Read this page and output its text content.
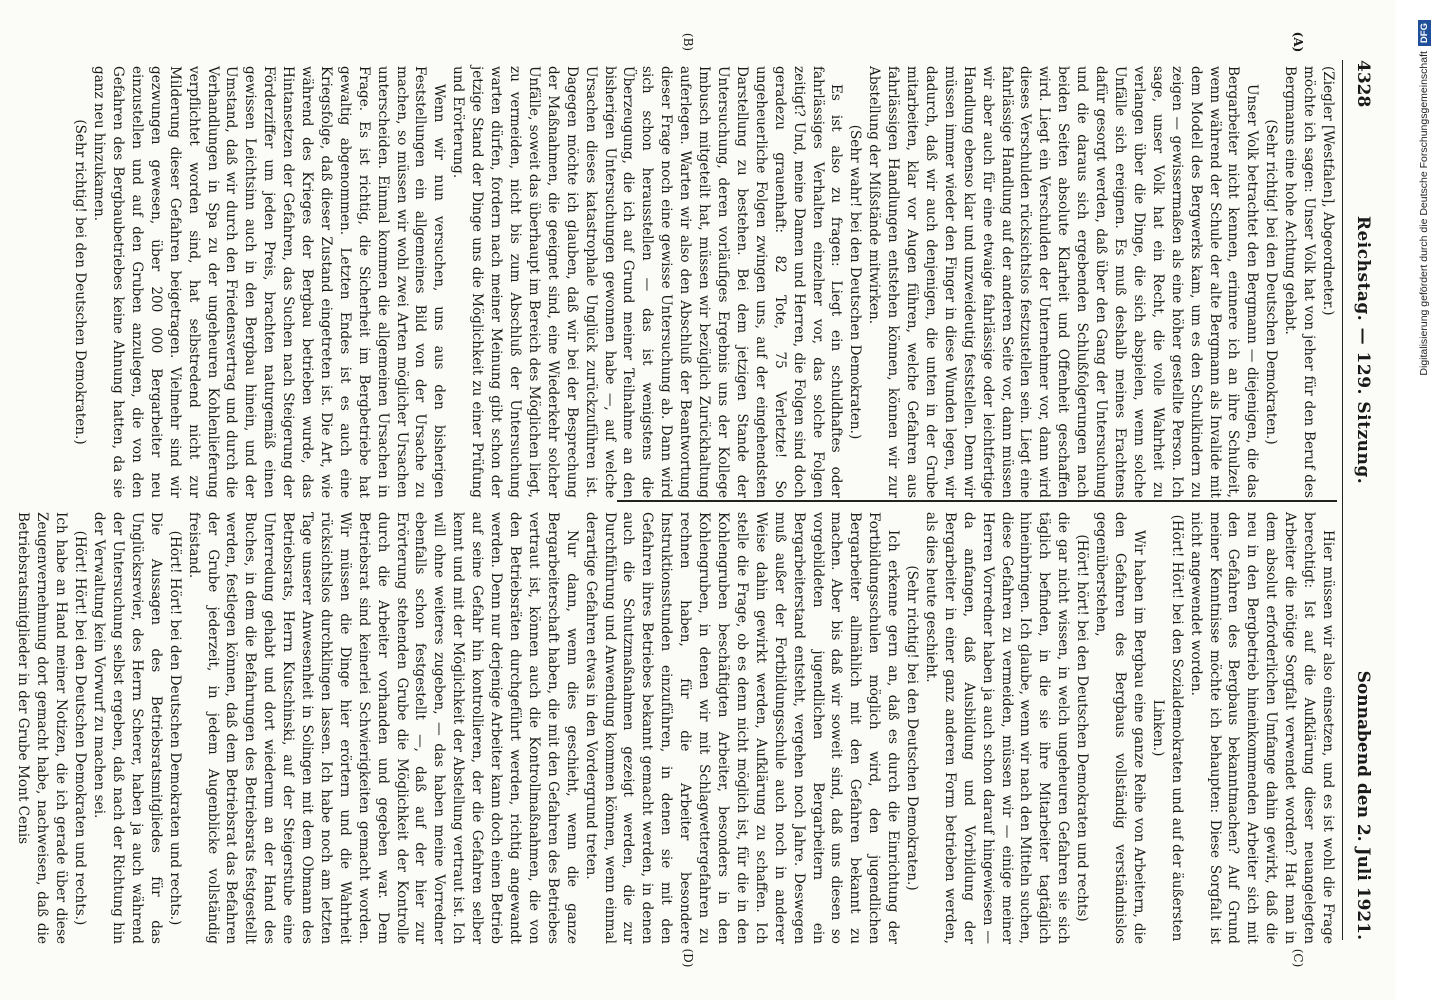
4328
Reichstag. — 129. Sitzung.
Sonnabend den 2. Juli 1921.
(A)
(B)
(C)
(D)

(Ziegler [Westfalen], Abgeordneter.)

möchte ich sagen: Unser Volk hat von jeher für den Beruf des Bergmanns eine hohe Achtung gehabt.

(Sehr richtig! bei den Deutschen Demokraten.)

Unser Volk betrachtet den Bergmann — diejenigen, die das Bergarbeiter nicht kennen, erinnere ich an ihre Schulzeit, wenn während der Schule der alte Bergmann als Invalide mit dem Modell des Bergwerks kam, um es den Schulkindern zu zeigen — gewissermaßen als eine höher gestellte Person. Ich sage, unser Volk hat ein Recht, die volle Wahrheit zu verlangen über die Dinge, die sich abspielen, wenn solche Unfälle sich ereignen. Es muß deshalb meines Erachtens dafür gesorgt werden, daß über den Gang der Untersuchung und die daraus sich ergebenden Schlußfolgerungen nach beiden Seiten absolute Klarheit und Offenheit geschaffen wird. Liegt ein Verschulden der Unternehmer vor, dann wird dieses Verschulden rücksichtslos festzustellen sein. Liegt eine fahrlässige Handlung auf der anderen Seite vor, dann müssen wir aber auch für eine etwaige fahrlässige oder leichtfertige Handlung ebenso klar und unzweideutig feststellen. Denn wir müssen immer wieder den Finger in diese Wunden legen, wir dadurch, daß wir auch denjenigen, die unten in der Grube mitarbeiten, klar vor Augen führen, welche Gefahren aus fahrlässigen Handlungen entstehen können, können wir zur Abstellung der Mißstände mitwirken.

(Sehr wahr! bei den Deutschen Demokraten.)

Es ist also zu fragen: Liegt ein schuldhaftes oder fahrlässiges Verhalten einzelner vor, das solche Folgen zeitigt? Und, meine Damen und Herren, die Folgen sind doch geradezu grauenhaft: 82 Tote, 75 Verletzte! So ungeheuerliche Folgen zwingen uns, auf der eingehendsten Darstellung zu bestehen. Bei dem jetzigen Stande der Untersuchung, deren vorläufiges Ergebnis uns der Kollege Imbusch mitgeteilt hat, müssen wir bezüglich Zurückhaltung auferlegen. Warten wir also den Abschluß der Beantwortung dieser Frage noch eine gewisse Untersuchung ab. Dann wird sich schon herausstellen — das ist wenigstens die Überzeugung, die ich auf Grund meiner Teilnahme an den bisherigen Untersuchungen gewonnen habe —, auf welche Ursachen dieses katastrophale Unglück zurückzuführen ist. Dagegen möchte ich glauben, daß wir bei der Besprechung der Maßnahmen, die geeignet sind, eine Wiederkehr solcher Unfälle, soweit das überhaupt im Bereich des Möglichen liegt, zu vermeiden, nicht bis zum Abschluß der Untersuchung warten dürfen, fordern nach meiner Meinung gibt schon der jetzige Stand der Dinge uns die Möglichkeit zu einer Prüfung und Erörterung.

Wenn wir nun versuchen, uns aus den bisherigen Feststellungen ein allgemeines Bild von der Ursache zu machen, so müssen wir wohl zwei Arten möglicher Ursachen unterscheiden. Einmal kommen die allgemeinen Ursachen in Frage. Es ist richtig, die Sicherheit im Bergbetriebe hat gewaltig abgenommen. Letzten Endes ist es auch eine Kriegsfolge, daß dieser Zustand eingetreten ist. Die Art, wie während des Krieges der Bergbau betrieben wurde, das Hintansetzen der Gefahren, das Suchen nach Steigerung der Förderziffer um jeden Preis, brachten naturgemäß einen gewissen Leichtsinn auch in den Bergbau hinein, und der Umstand, daß wir durch den Friedensvertrag und durch die Verhandlungen in Spa zu der ungeheuren Kohlenlieferung verpflichtet worden sind, hat selbstredend nicht zur Milderung dieser Gefahren beigetragen. Vielmehr sind wir gezwungen gewesen, über 200 000 Bergarbeiter neu einzustellen und auf den Gruben anzulegen, die von den Gefahren des Bergbaubetriebes keine Ahnung hatten, da sie ganz neu hinzukamen.

(Sehr richtig! bei den Deutschen Demokraten.)

Hier müssen wir also einsetzen, und es ist wohl die Frage berechtigt: Ist auf die Aufklärung dieser neuangelegten Arbeiter die nötige Sorgfalt verwendet worden? Hat man in dem absolut erforderlichen Umfange dahin gewirkt, daß die neu in den Bergbetrieb hineinkommenden Arbeiter sich mit den Gefahren des Bergbaus bekanntmachen? Auf Grund meiner Kenntnisse möchte ich behaupten: Diese Sorgfalt ist nicht angewendet worden.

(Hört! Hört! bei den Sozialdemokraten und auf der äußersten Linken.)

Wir haben im Bergbau eine ganze Reihe von Arbeitern, die den Gefahren des Bergbaus vollständig verständnislos gegenüberstehen,

(Hört! hört! bei den Deutschen Demokraten und rechts)

die gar nicht wissen, in welch ungeheuren Gefahren sie sich täglich befinden, in die sie ihre Mitarbeiter tagtäglich hineinbringen. Ich glaube, wenn wir nach den Mitteln suchen, diese Gefahren zu vermeiden, müssen wir — einige meiner Herren Vorredner haben ja auch schon darauf hingewiesen — da anfangen, daß Ausbildung und Vorbildung der Bergarbeiter in einer ganz anderen Form betrieben werden, als dies heute geschieht.

(Sehr richtig! bei den Deutschen Demokraten.)

Ich erkenne gern an, daß es durch die Einrichtung der Fortbildungsschulen möglich wird, den jugendlichen Bergarbeiter allmählich mit den Gefahren bekannt zu machen. Aber bis daß wir soweit sind, daß uns diesen so vorgebildeten jugendlichen Bergarbeitern ein Bergarbeiterstand entsteht, vergehen noch Jahre. Deswegen muß außer der Fortbildungsschule auch noch in anderer Weise dahin gewirkt werden, Aufklärung zu schaffen. Ich stelle die Frage, ob es denn nicht möglich ist, für die in den Kohlengruben beschäftigten Arbeiter, besonders in den Kohlengruben, in denen wir mit Schlagwettergefahren zu rechnen haben, für die Arbeiter besondere Instruktionsstunden einzuführen, in denen sie mit den Gefahren ihres Betriebes bekannt gemacht werden, in denen auch die Schutzmaßnahmen gezeigt werden, die zur Durchführung und Anwendung kommen können, wenn einmal derartige Gefahren etwas in den Vordergrund treten.

Nur dann, wenn dies geschieht, wenn die ganze Bergarbeiterschaft haben, die mit den Gefahren des Betriebes vertraut ist, können auch die Kontrollmaßnahmen, die von den Betriebsräten durchgeführt werden, richtig angewandt werden. Denn nur derjenige Arbeiter kann doch einen Betrieb auf seine Gefahr hin kontrollieren, der die Gefahren selber kennt und mit der Möglichkeit der Abstellung vertraut ist. Ich will ohne weiteres zugeben, — das haben meine Vorredner ebenfalls schon festgestellt —, daß auf der hier zur Erörterung stehenden Grube die Möglichkeit der Kontrolle durch die Arbeiter vorhanden und gegeben war. Dem Betriebsrat sind keinerlei Schwierigkeiten gemacht worden. Wir müssen die Dinge hier erörtern und die Wahrheit rücksichtslos durchklingen lassen. Ich habe noch am letzten Tage unserer Anwesenheit in Solingen mit dem Obmann des Betriebsrats, Herrn Kutschinski, auf der Steigerstube eine Unterredung gehabt und dort wiederum an der Hand des Buches, in dem die Befahrungen des Betriebsrats festgestellt werden, festlegen können, daß dem Betriebsrat das Befahren der Grube jederzeit, in jedem Augenblicke vollständig freistand.

(Hört! Hört! bei den Deutschen Demokraten und rechts.)

Die Aussagen des Betriebsratsmitgliedes für das Unglücksrevier, des Herrn Scherer, haben ja auch während der Untersuchung selbst ergeben, daß nach der Richtung hin der Verwaltung kein Vorwurf zu machen sei.

(Hört! Hört! bei den Deutschen Demokraten und rechts.)

Ich habe an Hand meiner Notizen, die ich gerade über diese Zeugenvernehmung dort gemacht habe, nachweisen, daß die Betriebsratsmitglieder in der Grube Mont Cenis

Digitalisierung gefördert durch die Deutsche Forschungsgemeinschaft
DFG
